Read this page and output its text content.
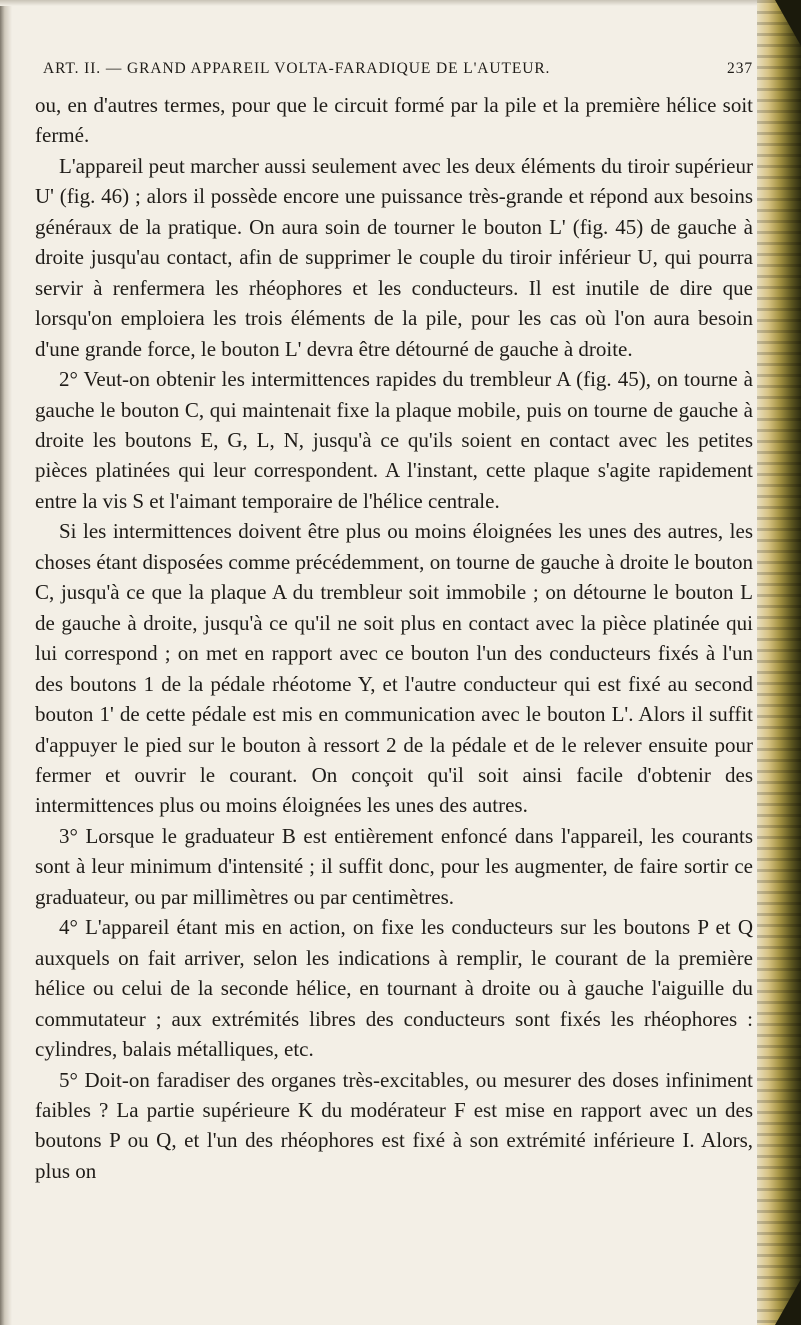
ART. II. — GRAND APPAREIL VOLTA-FARADIQUE DE L'AUTEUR.	237

ou, en d'autres termes, pour que le circuit formé par la pile et la première hélice soit fermé.

L'appareil peut marcher aussi seulement avec les deux éléments du tiroir supérieur U' (fig. 46) ; alors il possède encore une puissance très-grande et répond aux besoins généraux de la pratique. On aura soin de tourner le bouton L' (fig. 45) de gauche à droite jusqu'au contact, afin de supprimer le couple du tiroir inférieur U, qui pourra servir à renfermera les rhéophores et les conducteurs. Il est inutile de dire que lorsqu'on emploiera les trois éléments de la pile, pour les cas où l'on aura besoin d'une grande force, le bouton L' devra être détourné de gauche à droite.

2° Veut-on obtenir les intermittences rapides du trembleur A (fig. 45), on tourne à gauche le bouton C, qui maintenait fixe la plaque mobile, puis on tourne de gauche à droite les boutons E, G, L, N, jusqu'à ce qu'ils soient en contact avec les petites pièces platinées qui leur correspondent. A l'instant, cette plaque s'agite rapidement entre la vis S et l'aimant temporaire de l'hélice centrale.

Si les intermittences doivent être plus ou moins éloignées les unes des autres, les choses étant disposées comme précédemment, on tourne de gauche à droite le bouton C, jusqu'à ce que la plaque A du trembleur soit immobile ; on détourne le bouton L de gauche à droite, jusqu'à ce qu'il ne soit plus en contact avec la pièce platinée qui lui correspond ; on met en rapport avec ce bouton l'un des conducteurs fixés à l'un des boutons 1 de la pédale rhéotome Y, et l'autre conducteur qui est fixé au second bouton 1' de cette pédale est mis en communication avec le bouton L'. Alors il suffit d'appuyer le pied sur le bouton à ressort 2 de la pédale et de le relever ensuite pour fermer et ouvrir le courant. On conçoit qu'il soit ainsi facile d'obtenir des intermittences plus ou moins éloignées les unes des autres.

3° Lorsque le graduateur B est entièrement enfoncé dans l'appareil, les courants sont à leur minimum d'intensité ; il suffit donc, pour les augmenter, de faire sortir ce graduateur, ou par millimètres ou par centimètres.

4° L'appareil étant mis en action, on fixe les conducteurs sur les boutons P et Q auxquels on fait arriver, selon les indications à remplir, le courant de la première hélice ou celui de la seconde hélice, en tournant à droite ou à gauche l'aiguille du commutateur ; aux extrémités libres des conducteurs sont fixés les rhéophores : cylindres, balais métalliques, etc.

5° Doit-on faradiser des organes très-excitables, ou mesurer des doses infiniment faibles ? La partie supérieure K du modérateur F est mise en rapport avec un des boutons P ou Q, et l'un des rhéophores est fixé à son extrémité inférieure I. Alors, plus on
